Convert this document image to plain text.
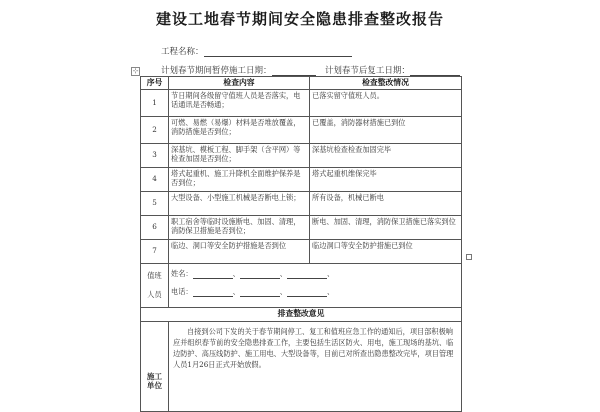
建设工地春节期间安全隐患排查整改报告
工程名称：
计划春节期间暂停施工日期：	计划春节后复工日期：
⊹
序号	检查内容	检查整改情况
1	节日期间各级留守值班人员是否落实，电话通讯是否畅通；	已落实留守值班人员。
2	可燃、易燃（易爆）材料是否堆放覆盖，消防措施是否到位；	已覆盖，消防器材措施已到位
3	深基坑、模板工程、脚手架（含平网）等检查加固是否到位；	深基坑检查检查加固完毕
4	塔式起重机、施工升降机全面维护保养是否到位；	塔式起重机维保完毕
5	大型设备、小型施工机械是否断电上锁；	所有设备，机械已断电
6	职工宿舍等临时设施断电、加固、清理，消防保卫措施是否到位；	断电、加固、清理，消防保卫措施已落实到位
7	临边、洞口等安全防护措施是否到位	临边洞口等安全防护措施已到位

值班
人员	姓名： 、 、 、
电话： 、 、 、	

排查整改意见		

施工
单位	自接到公司下发的关于春节期间停工、复工和值班应急工作的通知后，项目部积极响应并组织春节前的安全隐患排查工作，主要包括生活区防火、用电，施工现场的基坑、临边防护、高压线防护、施工用电、大型设备等，目前已对所查出隐患整改完毕，项目管理人员1月26日正式开始放假。	
